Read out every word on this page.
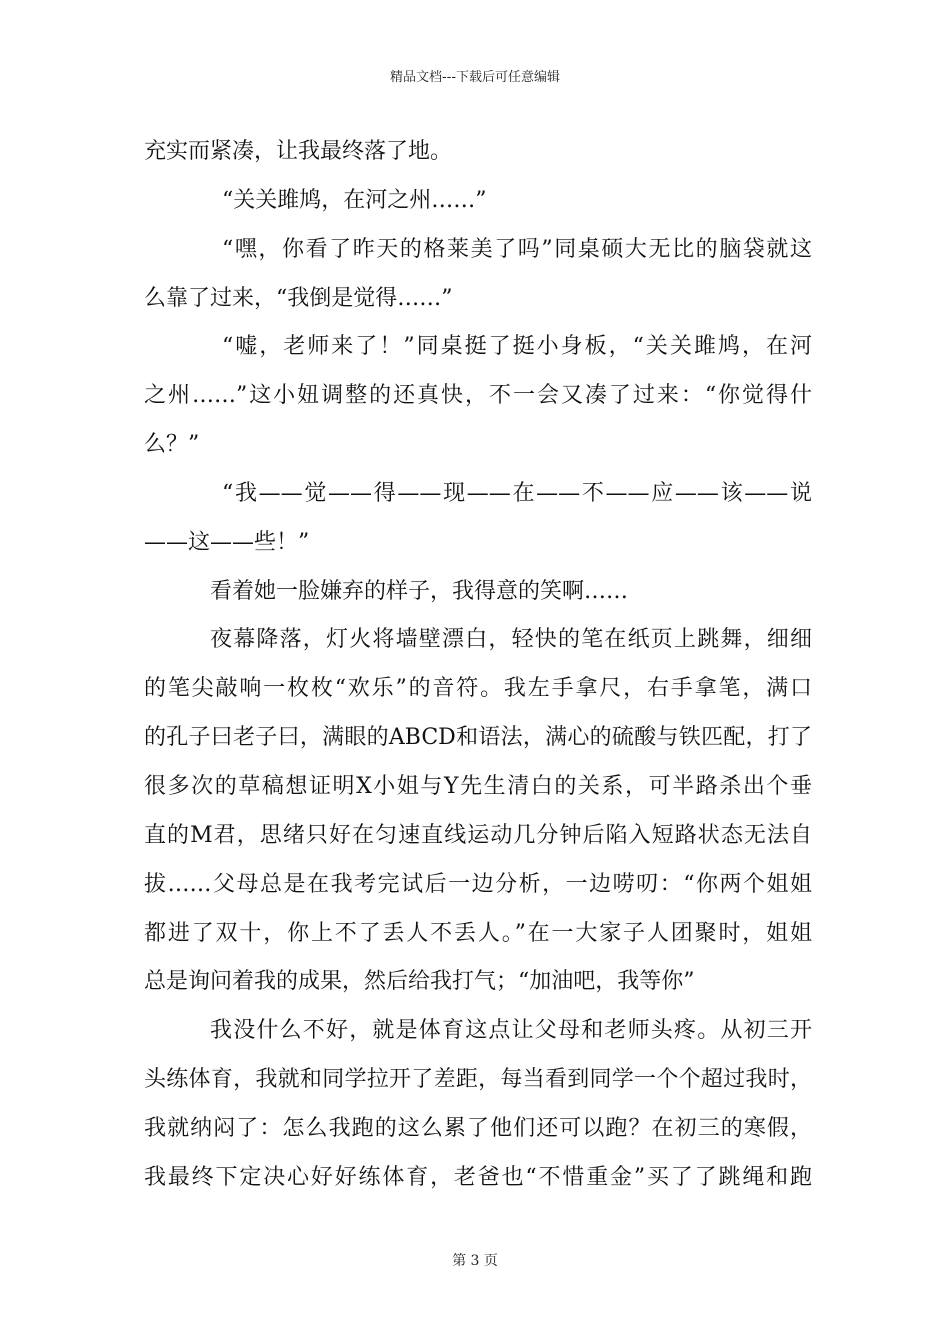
精品文档---下载后可任意编辑
充实而紧凑，让我最终落了地。
“关关雎鸠，在河之州……”
“嘿，你看了昨天的格莱美了吗”同桌硕大无比的脑袋就这
么靠了过来，“我倒是觉得……”
“嘘，老师来了！”同桌挺了挺小身板，“关关雎鸠，在河
之州……”这小妞调整的还真快，不一会又凑了过来：“你觉得什
么？”
“我——觉——得——现——在——不——应——该——说
——这——些！”
看着她一脸嫌弃的样子，我得意的笑啊……
夜幕降落，灯火将墙壁漂白，轻快的笔在纸页上跳舞，细细
的笔尖敲响一枚枚“欢乐”的音符。我左手拿尺，右手拿笔，满口
的孔子曰老子曰，满眼的ABCD和语法，满心的硫酸与铁匹配，打了
很多次的草稿想证明X小姐与Y先生清白的关系，可半路杀出个垂
直的M君，思绪只好在匀速直线运动几分钟后陷入短路状态无法自
拔……父母总是在我考完试后一边分析，一边唠叨：“你两个姐姐
都进了双十，你上不了丢人不丢人。”在一大家子人团聚时，姐姐
总是询问着我的成果，然后给我打气；“加油吧，我等你”
我没什么不好，就是体育这点让父母和老师头疼。从初三开
头练体育，我就和同学拉开了差距，每当看到同学一个个超过我时，
我就纳闷了：怎么我跑的这么累了他们还可以跑？在初三的寒假，
我最终下定决心好好练体育，老爸也“不惜重金”买了了跳绳和跑
第 3 页
